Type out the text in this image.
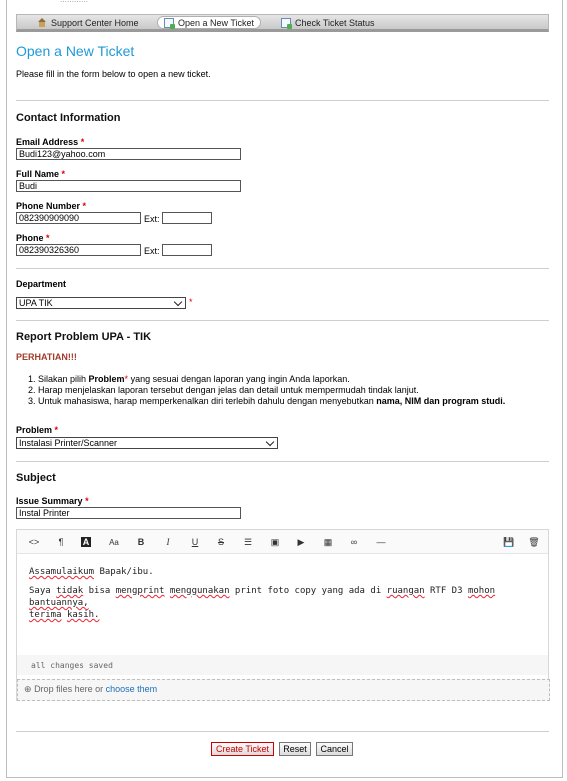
⋯⋯⋯⋯
Support Center Home	Open a New Ticket	Check Ticket Status
Open a New Ticket
Please fill in the form below to open a new ticket.
Contact Information
Email Address *
Budi123@yahoo.com
Full Name *
Budi
Phone Number *
082390909090	Ext:
Phone *
082390326360	Ext:
Department
UPA TIK	*
Report Problem UPA - TIK
PERHATIAN!!!
1. Silakan pilih Problem* yang sesuai dengan laporan yang ingin Anda laporkan.
2. Harap menjelaskan laporan tersebut dengan jelas dan detail untuk mempermudah tindak lanjut.
3. Untuk mahasiswa, harap memperkenalkan diri terlebih dahulu dengan menyebutkan nama, NIM dan program studi.
Problem *
Instalasi Printer/Scanner
Subject
Issue Summary *
Instal Printer
<>	¶	A Aa	B	I	U	S	☰	▣	▶	▦	∞	—	💾 🗑

Assamulaikum Bapak/ibu.

Saya tidak bisa mengprint menggunakan print foto copy yang ada di ruangan RTF D3 mohon bantuannya,

terima kasih.

all changes saved
⊕ Drop files here or choose them
Create Ticket	Reset	Cancel
